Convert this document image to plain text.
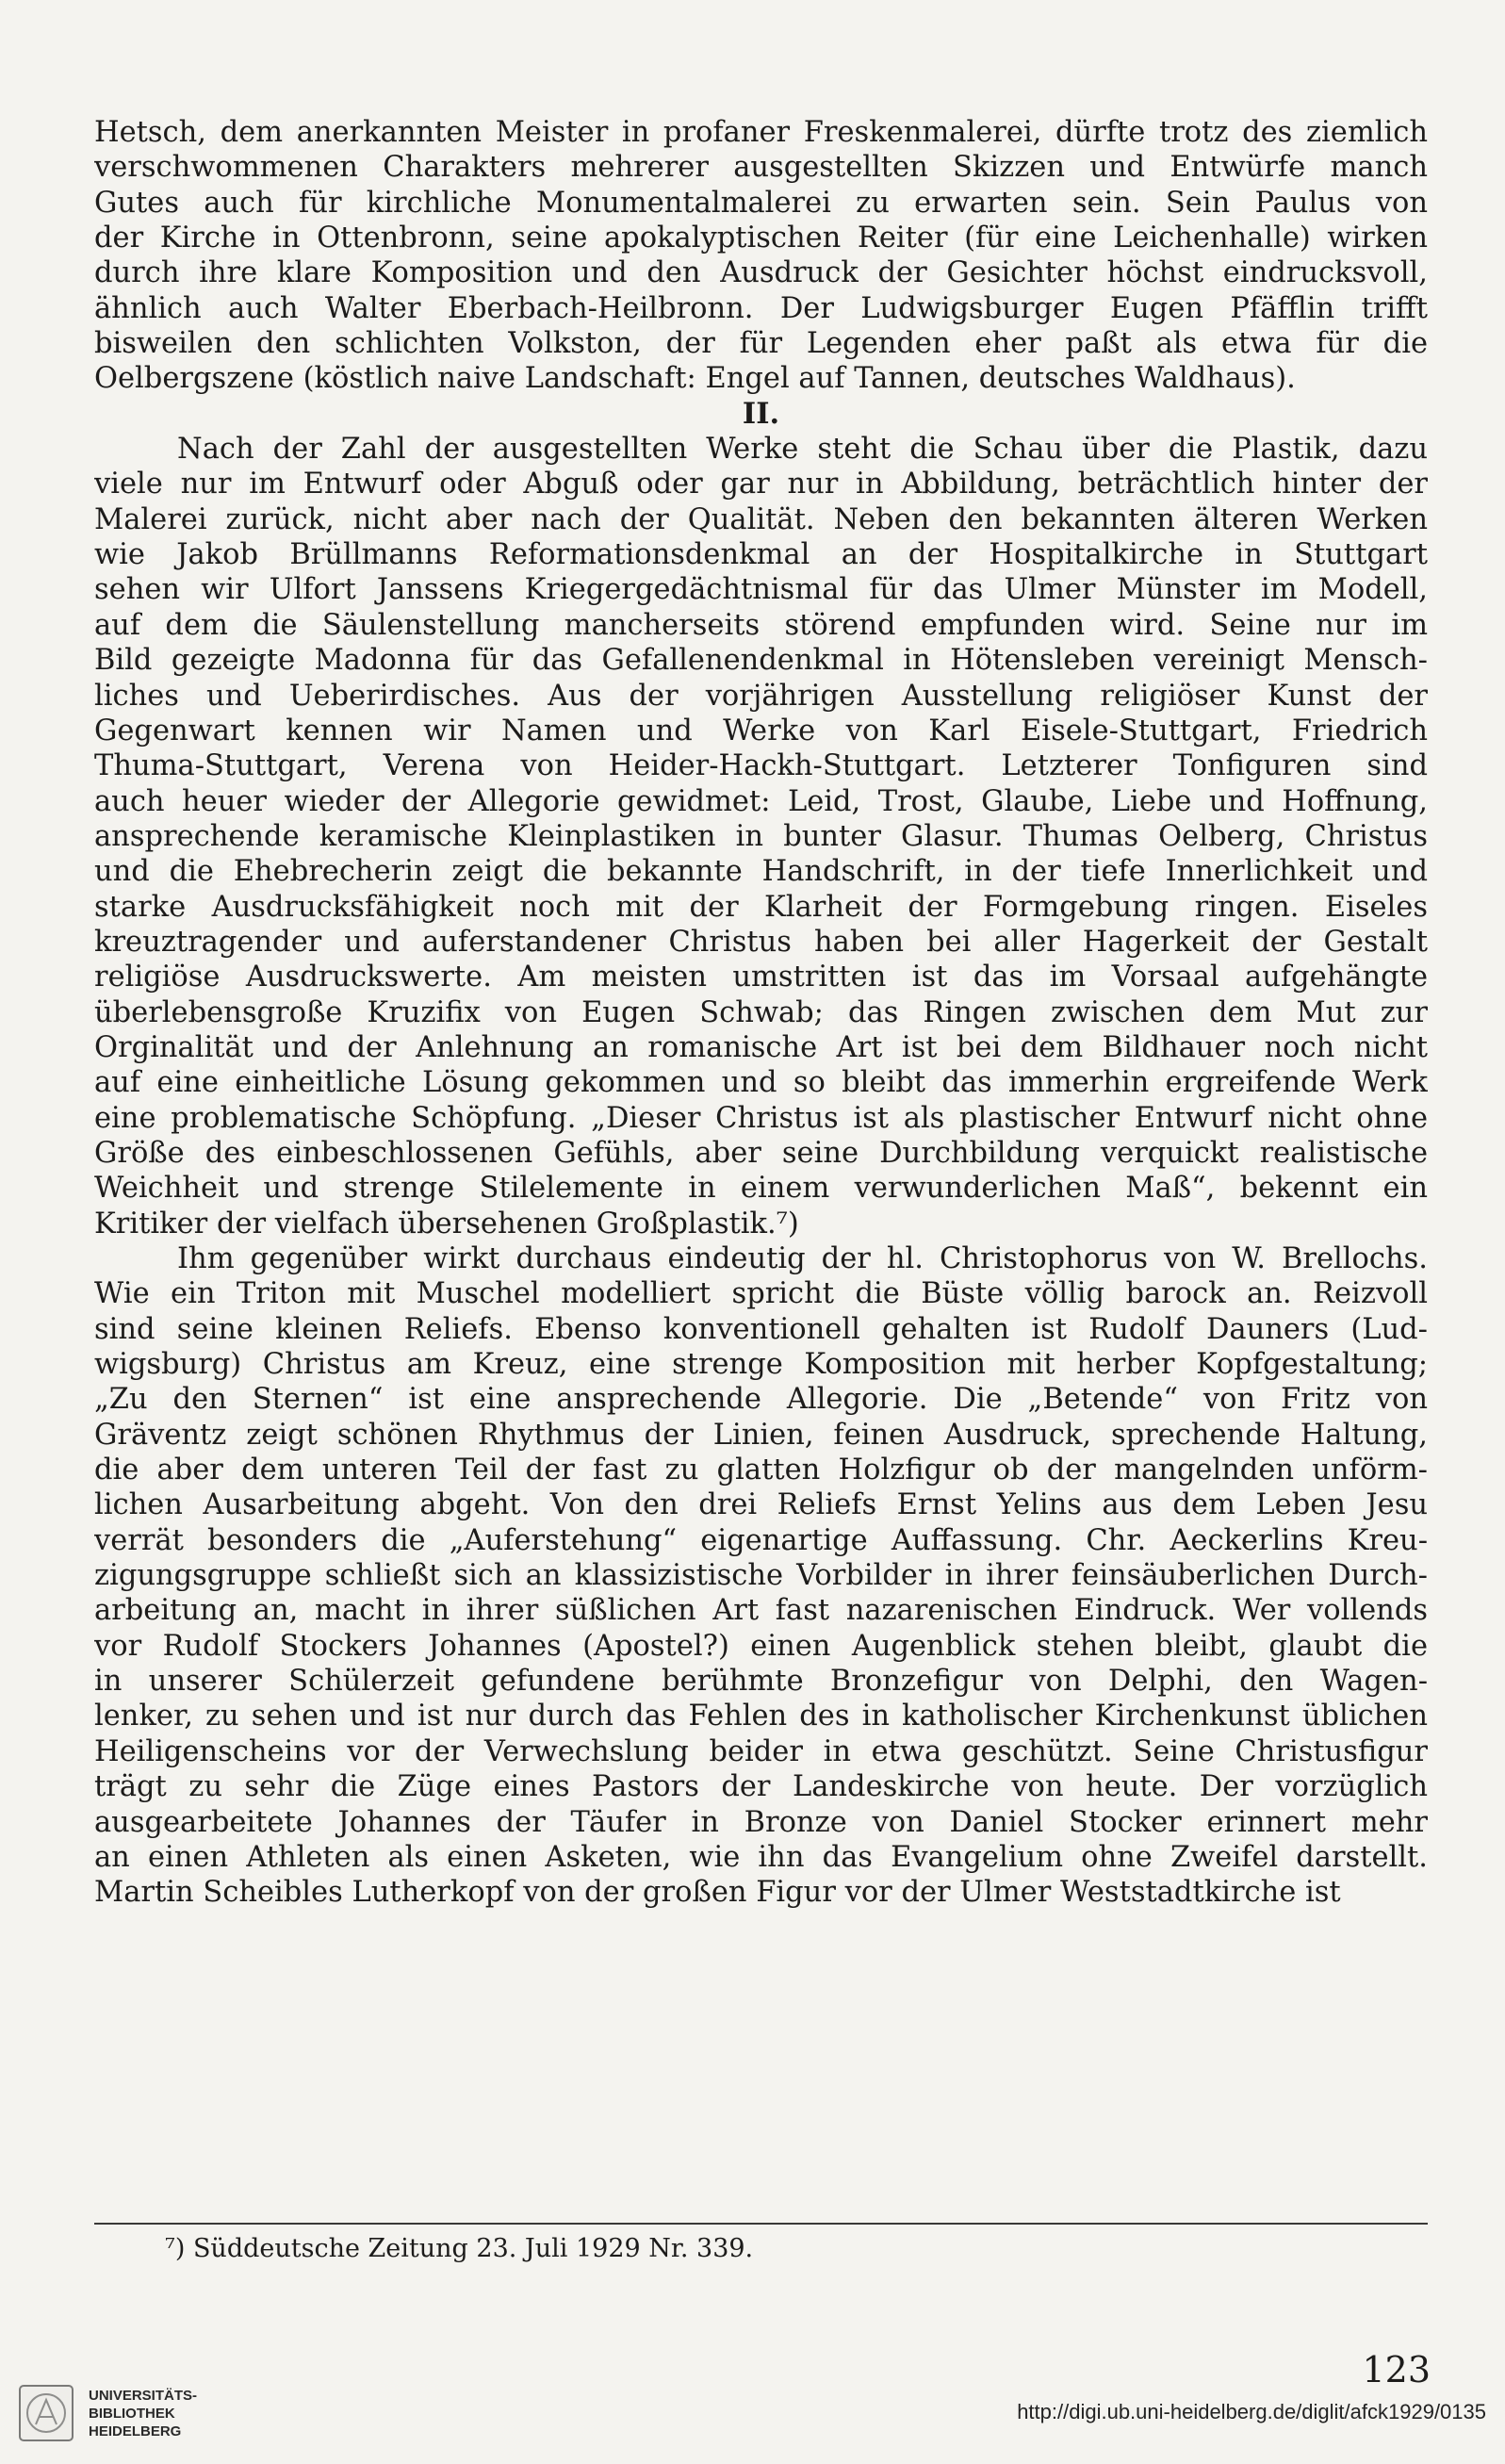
Hetsch, dem anerkannten Meister in profaner Freskenmalerei, dürfte trotz des ziemlich
verschwommenen Charakters mehrerer ausgestellten Skizzen und Entwürfe manch
Gutes auch für kirchliche Monumentalmalerei zu erwarten sein. Sein Paulus von
der Kirche in Ottenbronn, seine apokalyptischen Reiter (für eine Leichenhalle) wirken
durch ihre klare Komposition und den Ausdruck der Gesichter höchst eindrucksvoll,
ähnlich auch Walter Eberbach-Heilbronn. Der Ludwigsburger Eugen Pfäfflin trifft
bisweilen den schlichten Volkston, der für Legenden eher paßt als etwa für die
Oelbergszene (köstlich naive Landschaft: Engel auf Tannen, deutsches Waldhaus).
II.
Nach der Zahl der ausgestellten Werke steht die Schau über die Plastik, dazu
viele nur im Entwurf oder Abguß oder gar nur in Abbildung, beträchtlich hinter der
Malerei zurück, nicht aber nach der Qualität. Neben den bekannten älteren Werken
wie Jakob Brüllmanns Reformationsdenkmal an der Hospitalkirche in Stuttgart
sehen wir Ulfort Janssens Kriegergedächtnismal für das Ulmer Münster im Modell,
auf dem die Säulenstellung mancherseits störend empfunden wird. Seine nur im
Bild gezeigte Madonna für das Gefallenendenkmal in Hötensleben vereinigt Mensch-
liches und Ueberirdisches. Aus der vorjährigen Ausstellung religiöser Kunst der
Gegenwart kennen wir Namen und Werke von Karl Eisele-Stuttgart, Friedrich
Thuma-Stuttgart, Verena von Heider-Hackh-Stuttgart. Letzterer Tonfiguren sind
auch heuer wieder der Allegorie gewidmet: Leid, Trost, Glaube, Liebe und Hoffnung,
ansprechende keramische Kleinplastiken in bunter Glasur. Thumas Oelberg, Christus
und die Ehebrecherin zeigt die bekannte Handschrift, in der tiefe Innerlichkeit und
starke Ausdrucksfähigkeit noch mit der Klarheit der Formgebung ringen. Eiseles
kreuztragender und auferstandener Christus haben bei aller Hagerkeit der Gestalt
religiöse Ausdruckswerte. Am meisten umstritten ist das im Vorsaal aufgehängte
überlebensgroße Kruzifix von Eugen Schwab; das Ringen zwischen dem Mut zur
Orginalität und der Anlehnung an romanische Art ist bei dem Bildhauer noch nicht
auf eine einheitliche Lösung gekommen und so bleibt das immerhin ergreifende Werk
eine problematische Schöpfung. „Dieser Christus ist als plastischer Entwurf nicht ohne
Größe des einbeschlossenen Gefühls, aber seine Durchbildung verquickt realistische
Weichheit und strenge Stilelemente in einem verwunderlichen Maß“, bekennt ein
Kritiker der vielfach übersehenen Großplastik.⁷)
Ihm gegenüber wirkt durchaus eindeutig der hl. Christophorus von W. Brellochs.
Wie ein Triton mit Muschel modelliert spricht die Büste völlig barock an. Reizvoll
sind seine kleinen Reliefs. Ebenso konventionell gehalten ist Rudolf Dauners (Lud-
wigsburg) Christus am Kreuz, eine strenge Komposition mit herber Kopfgestaltung;
„Zu den Sternen“ ist eine ansprechende Allegorie. Die „Betende“ von Fritz von
Gräventz zeigt schönen Rhythmus der Linien, feinen Ausdruck, sprechende Haltung,
die aber dem unteren Teil der fast zu glatten Holzfigur ob der mangelnden unförm-
lichen Ausarbeitung abgeht. Von den drei Reliefs Ernst Yelins aus dem Leben Jesu
verrät besonders die „Auferstehung“ eigenartige Auffassung. Chr. Aeckerlins Kreu-
zigungsgruppe schließt sich an klassizistische Vorbilder in ihrer feinsäuberlichen Durch-
arbeitung an, macht in ihrer süßlichen Art fast nazarenischen Eindruck. Wer vollends
vor Rudolf Stockers Johannes (Apostel?) einen Augenblick stehen bleibt, glaubt die
in unserer Schülerzeit gefundene berühmte Bronzefigur von Delphi, den Wagen-
lenker, zu sehen und ist nur durch das Fehlen des in katholischer Kirchenkunst üblichen
Heiligenscheins vor der Verwechslung beider in etwa geschützt. Seine Christusfigur
trägt zu sehr die Züge eines Pastors der Landeskirche von heute. Der vorzüglich
ausgearbeitete Johannes der Täufer in Bronze von Daniel Stocker erinnert mehr
an einen Athleten als einen Asketen, wie ihn das Evangelium ohne Zweifel darstellt.
Martin Scheibles Lutherkopf von der großen Figur vor der Ulmer Weststadtkirche ist
⁷) Süddeutsche Zeitung 23. Juli 1929 Nr. 339.
123
UNIVERSITÄTS-
BIBLIOTHEK
HEIDELBERG
http://digi.ub.uni-heidelberg.de/diglit/afck1929/0135
